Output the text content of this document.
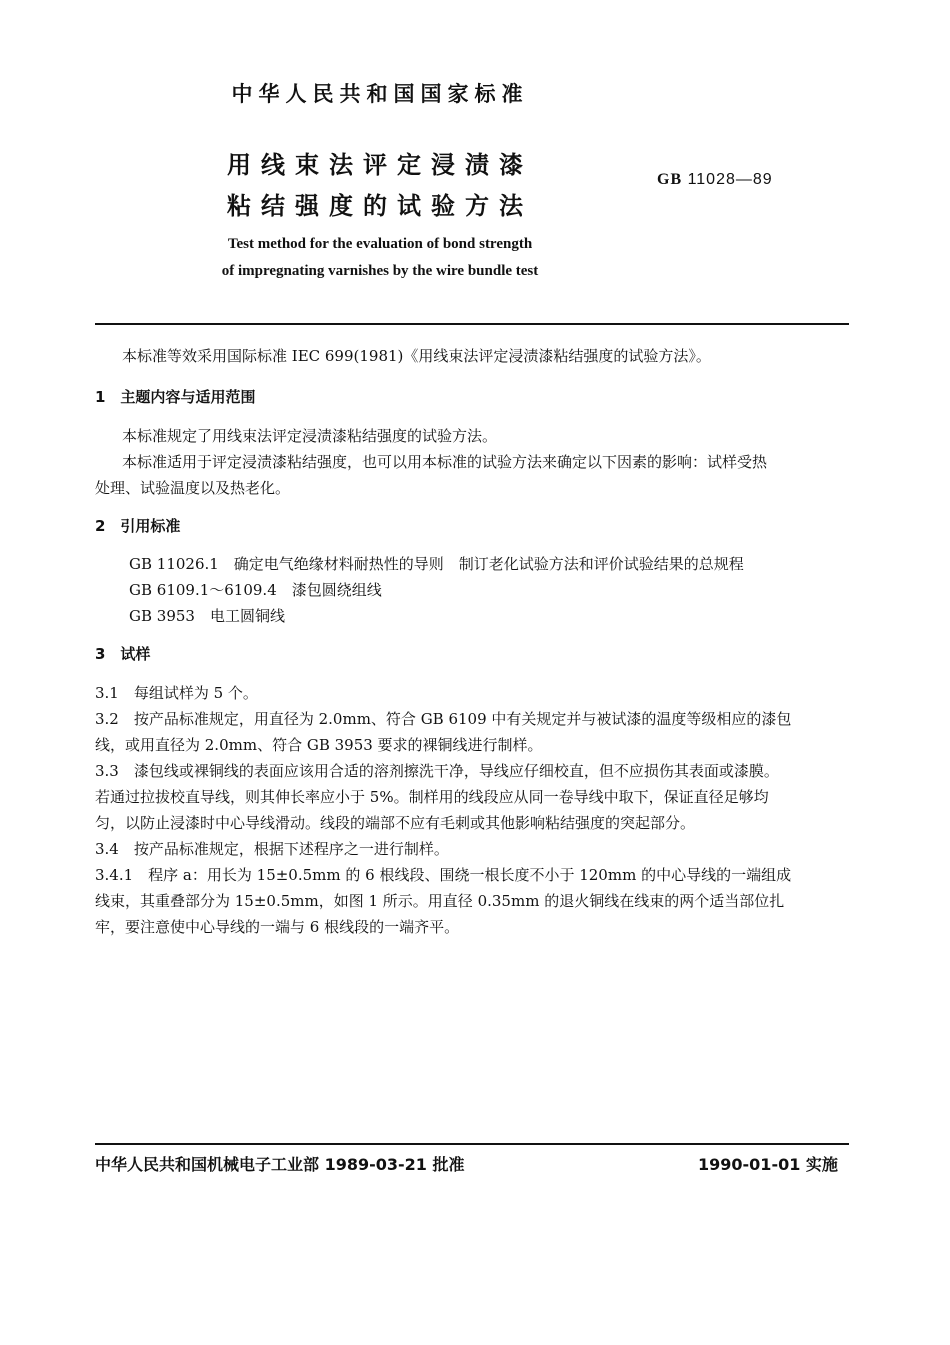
中华人民共和国国家标准
用线束法评定浸渍漆
粘结强度的试验方法
GB 11028—89
Test method for the evaluation of bond strength
of impregnating varnishes by the wire bundle test
本标准等效采用国际标准 IEC 699(1981)《用线束法评定浸渍漆粘结强度的试验方法》。
1　主题内容与适用范围
本标准规定了用线束法评定浸渍漆粘结强度的试验方法。
本标准适用于评定浸渍漆粘结强度，也可以用本标准的试验方法来确定以下因素的影响：试样受热
处理、试验温度以及热老化。
2　引用标准
GB 11026.1　确定电气绝缘材料耐热性的导则　制订老化试验方法和评价试验结果的总规程
GB 6109.1～6109.4　漆包圆绕组线
GB 3953　电工圆铜线
3　试样
3.1　每组试样为 5 个。
3.2　按产品标准规定，用直径为 2.0mm、符合 GB 6109 中有关规定并与被试漆的温度等级相应的漆包
线，或用直径为 2.0mm、符合 GB 3953 要求的裸铜线进行制样。
3.3　漆包线或裸铜线的表面应该用合适的溶剂擦洗干净，导线应仔细校直，但不应损伤其表面或漆膜。
若通过拉拔校直导线，则其伸长率应小于 5%。制样用的线段应从同一卷导线中取下，保证直径足够均
匀，以防止浸漆时中心导线滑动。线段的端部不应有毛刺或其他影响粘结强度的突起部分。
3.4　按产品标准规定，根据下述程序之一进行制样。
3.4.1　程序 a：用长为 15±0.5mm 的 6 根线段、围绕一根长度不小于 120mm 的中心导线的一端组成
线束，其重叠部分为 15±0.5mm，如图 1 所示。用直径 0.35mm 的退火铜线在线束的两个适当部位扎
牢，要注意使中心导线的一端与 6 根线段的一端齐平。
中华人民共和国机械电子工业部 1989-03-21 批准	1990-01-01 实施
